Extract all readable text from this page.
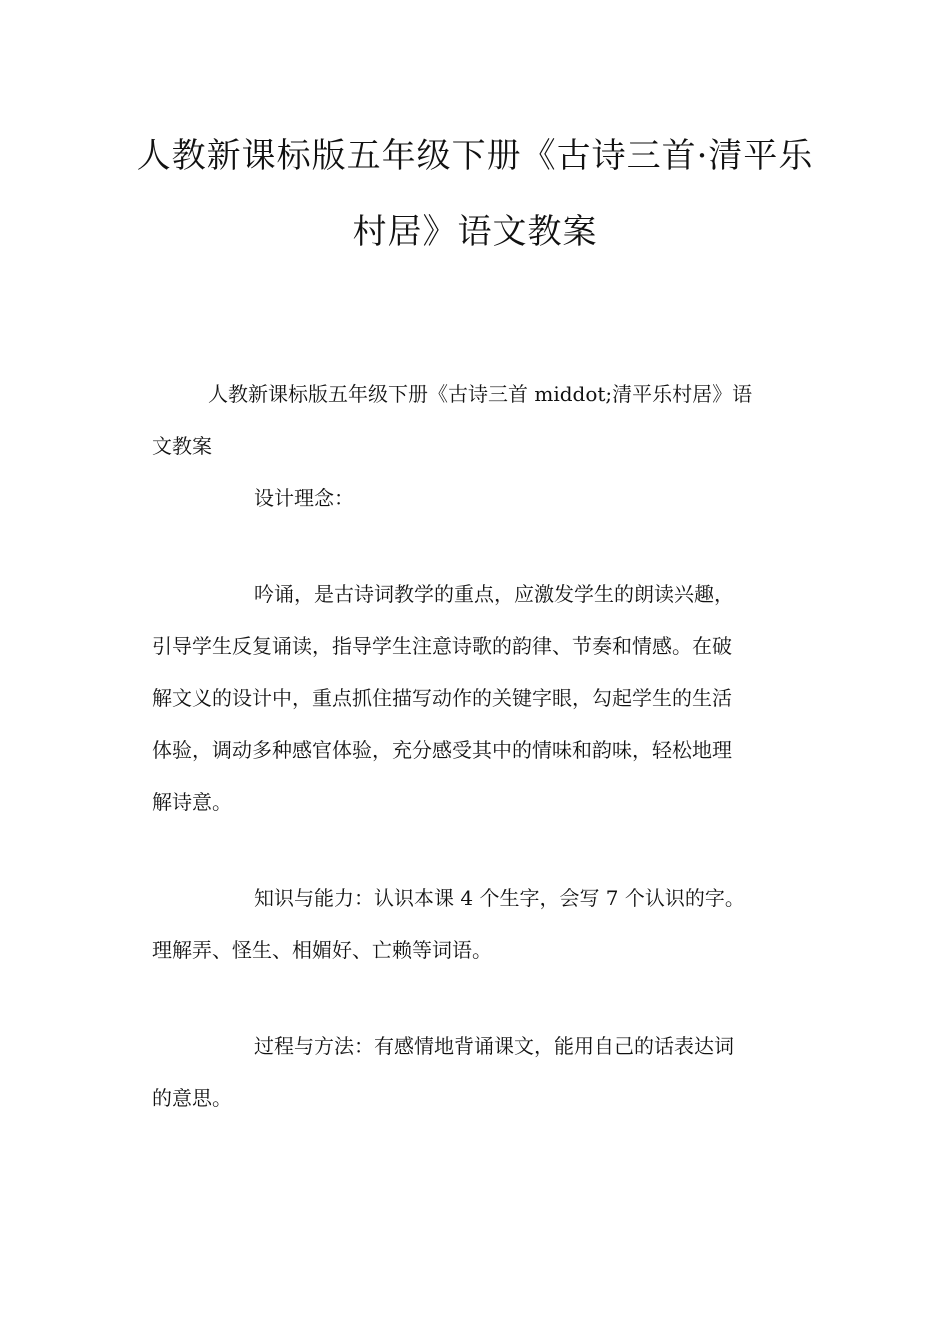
人教新课标版五年级下册《古诗三首·清平乐
村居》语文教案

人教新课标版五年级下册《古诗三首 middot;清平乐村居》语

文教案

设计理念：

吟诵，是古诗词教学的重点，应激发学生的朗读兴趣，

引导学生反复诵读，指导学生注意诗歌的韵律、节奏和情感。在破

解文义的设计中，重点抓住描写动作的关键字眼，勾起学生的生活

体验，调动多种感官体验，充分感受其中的情味和韵味，轻松地理

解诗意。

知识与能力：认识本课 4 个生字，会写 7 个认识的字。

理解弄、怪生、相媚好、亡赖等词语。

过程与方法：有感情地背诵课文，能用自己的话表达词

的意思。
